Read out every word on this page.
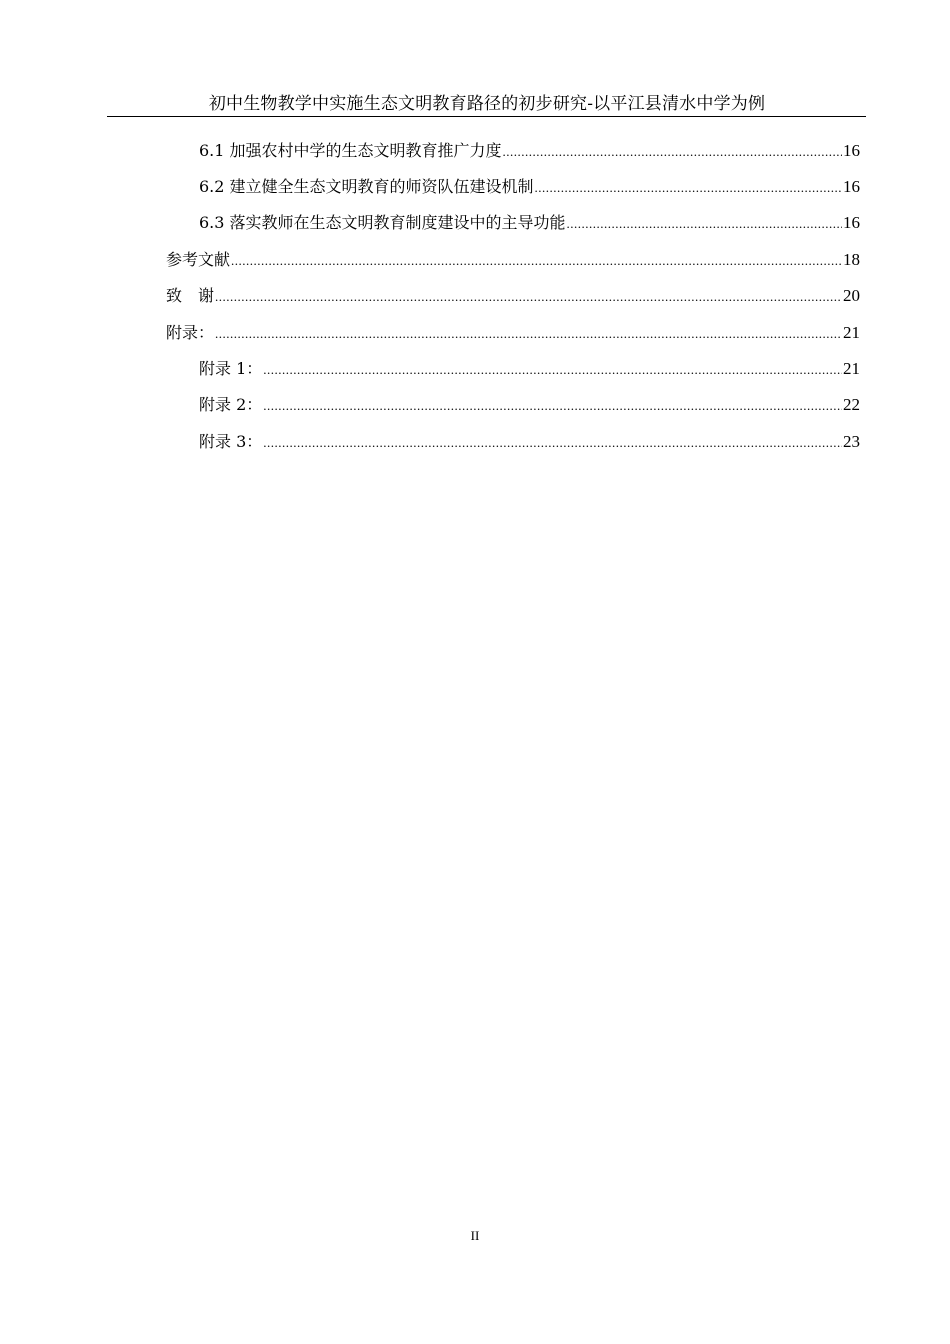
初中生物教学中实施生态文明教育路径的初步研究-以平江县清水中学为例
6.1 加强农村中学的生态文明教育推广力度 .....	16
6.2 建立健全生态文明教育的师资队伍建设机制 .....	16
6.3 落实教师在生态文明教育制度建设中的主导功能 .....	16
参考文献 .....	18
致　谢 .....	20
附录： .....	21
附录 1： .....	21
附录 2： .....	22
附录 3： .....	23
II
